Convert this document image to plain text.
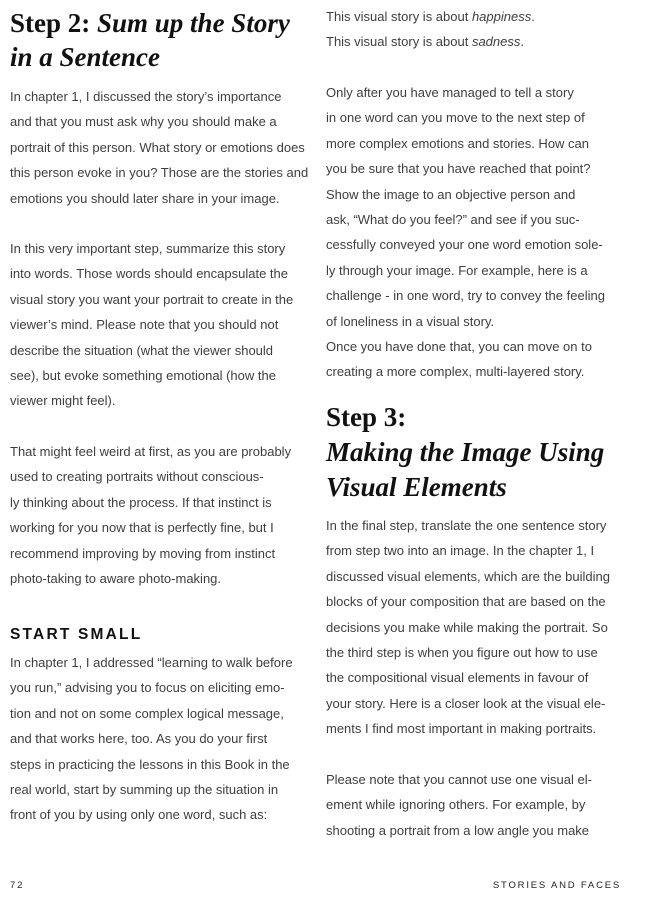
Step 2: Sum up the Story
in a Sentence

In chapter 1, I discussed the story’s importance
and that you must ask why you should make a
portrait of this person. What story or emotions does
this person evoke in you? Those are the stories and
emotions you should later share in your image.

In this very important step, summarize this story
into words. Those words should encapsulate the
visual story you want your portrait to create in the
viewer’s mind. Please note that you should not
describe the situation (what the viewer should
see), but evoke something emotional (how the
viewer might feel).

That might feel weird at first, as you are probably
used to creating portraits without conscious-
ly thinking about the process. If that instinct is
working for you now that is perfectly fine, but I
recommend improving by moving from instinct
photo-taking to aware photo-making.

START SMALL

In chapter 1, I addressed “learning to walk before
you run,” advising you to focus on eliciting emo-
tion and not on some complex logical message,
and that works here, too. As you do your first
steps in practicing the lessons in this Book in the
real world, start by summing up the situation in
front of you by using only one word, such as:

This visual story is about happiness.
This visual story is about sadness.

Only after you have managed to tell a story
in one word can you move to the next step of
more complex emotions and stories. How can
you be sure that you have reached that point?
Show the image to an objective person and
ask, “What do you feel?” and see if you suc-
cessfully conveyed your one word emotion sole-
ly through your image. For example, here is a
challenge - in one word, try to convey the feeling
of loneliness in a visual story.
Once you have done that, you can move on to
creating a more complex, multi-layered story.

Step 3:
Making the Image Using
Visual Elements

In the final step, translate the one sentence story
from step two into an image. In the chapter 1, I
discussed visual elements, which are the building
blocks of your composition that are based on the
decisions you make while making the portrait. So
the third step is when you figure out how to use
the compositional visual elements in favour of
your story. Here is a closer look at the visual ele-
ments I find most important in making portraits.

Please note that you cannot use one visual el-
ement while ignoring others. For example, by
shooting a portrait from a low angle you make

72	STORIES AND FACES
